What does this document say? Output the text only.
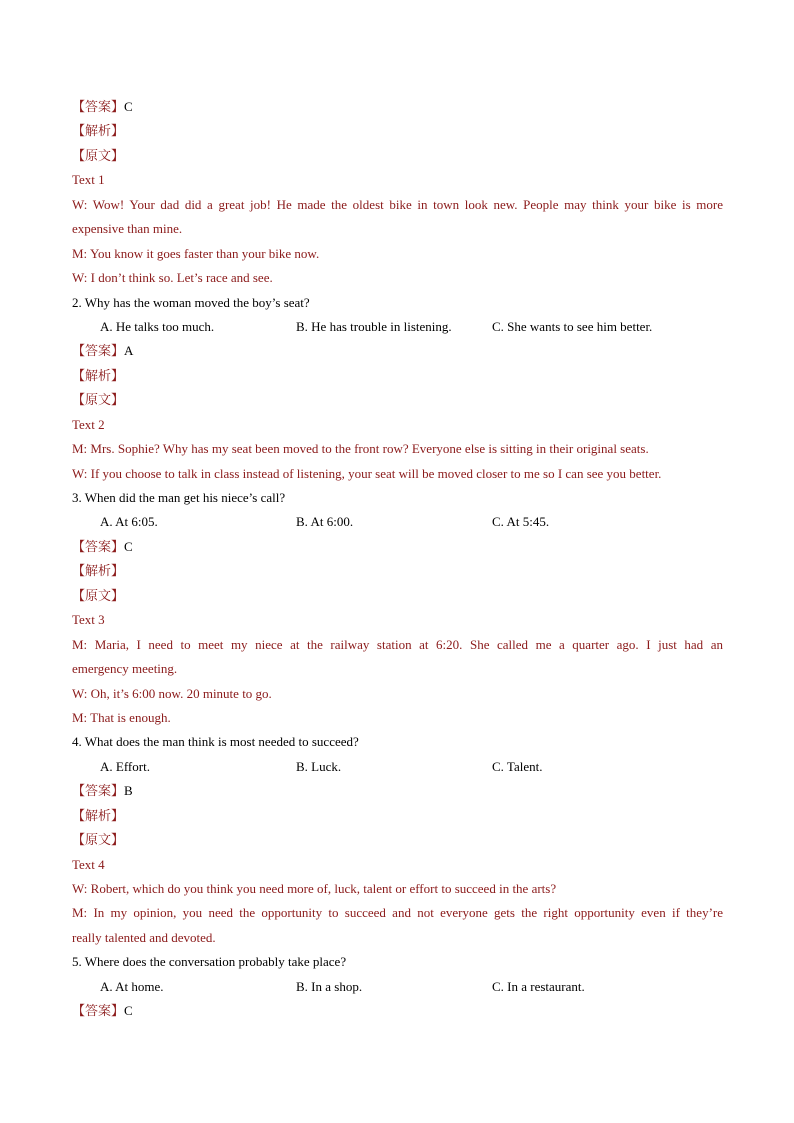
【答案】C
【解析】
【原文】
Text 1
W: Wow! Your dad did a great job! He made the oldest bike in town look new. People may think your bike is more
expensive than mine.
M: You know it goes faster than your bike now.
W: I don’t think so. Let’s race and see.
2. Why has the woman moved the boy’s seat?
A. He talks too much.	B. He has trouble in listening.	C. She wants to see him better.
【答案】A
【解析】
【原文】
Text 2
M: Mrs. Sophie? Why has my seat been moved to the front row? Everyone else is sitting in their original seats.
W: If you choose to talk in class instead of listening, your seat will be moved closer to me so I can see you better.
3. When did the man get his niece’s call?
A. At 6:05.	B. At 6:00.	C. At 5:45.
【答案】C
【解析】
【原文】
Text 3
M: Maria, I need to meet my niece at the railway station at 6:20. She called me a quarter ago. I just had an
emergency meeting.
W: Oh, it’s 6:00 now. 20 minute to go.
M: That is enough.
4. What does the man think is most needed to succeed?
A. Effort.	B. Luck.	C. Talent.
【答案】B
【解析】
【原文】
Text 4
W: Robert, which do you think you need more of, luck, talent or effort to succeed in the arts?
M: In my opinion, you need the opportunity to succeed and not everyone gets the right opportunity even if they’re
really talented and devoted.
5. Where does the conversation probably take place?
A. At home.	B. In a shop.	C. In a restaurant.
【答案】C
